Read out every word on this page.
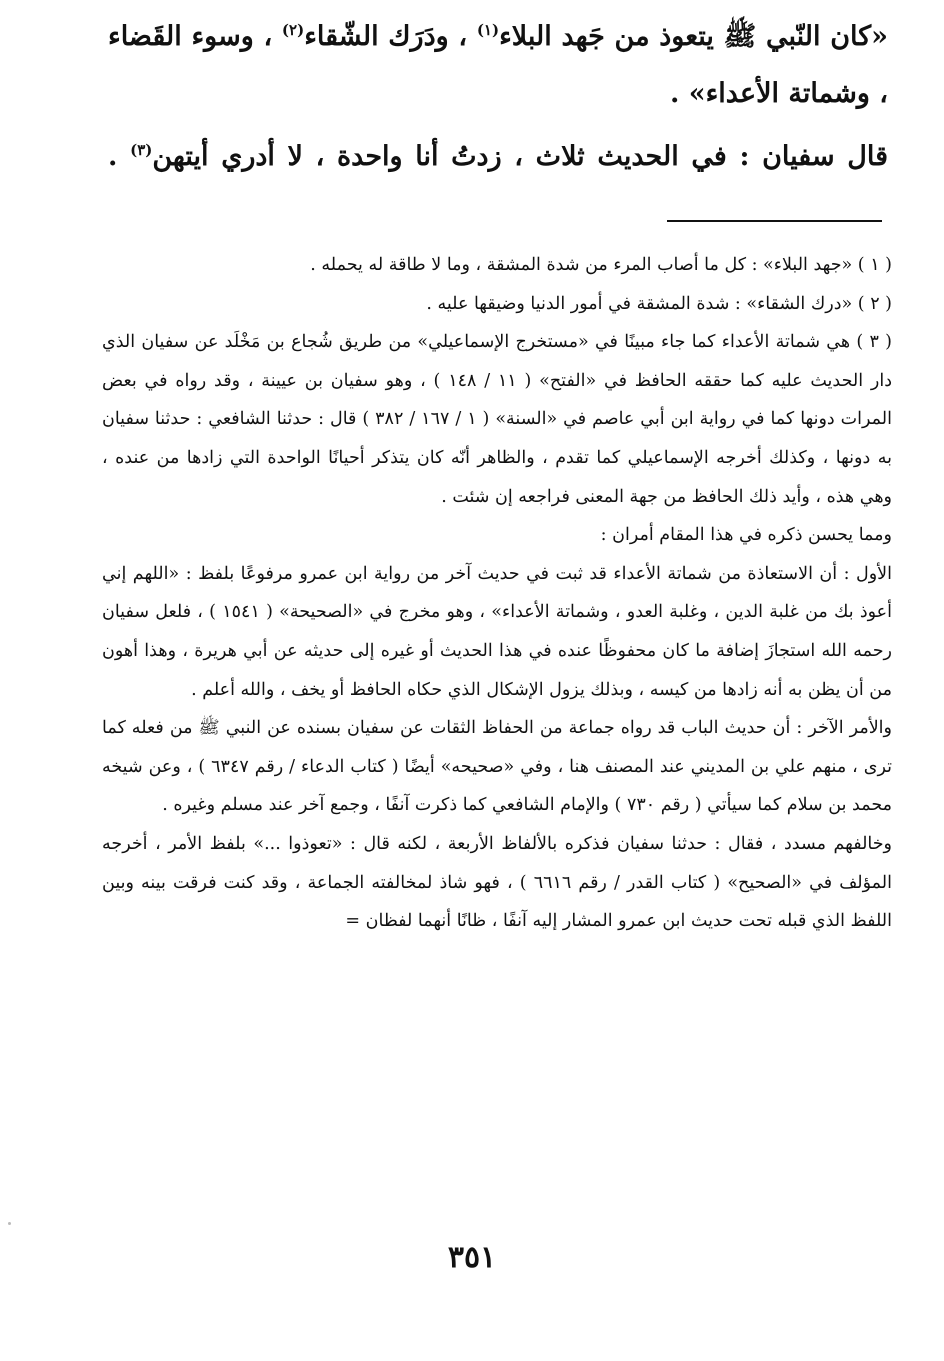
«كان النّبي ﷺ يتعوذ من جَهد البلاء$^{(١)}$ ، ودَرَك الشّقاء$^{(٢)}$ ، وسوء القَضاء ، وشماتة الأعداء» .

قال سفيان : في الحديث ثلاث ، زدتُ أنا واحدة ، لا أدري أيتهن$^{(٣)}$ .

( ١ ) «جهد البلاء» : كل ما أصاب المرء من شدة المشقة ، وما لا طاقة له يحمله .

( ٢ ) «درك الشقاء» : شدة المشقة في أمور الدنيا وضيقها عليه .

( ٣ ) هي شماتة الأعداء كما جاء مبينًا في «مستخرج الإسماعيلي» من طريق شُجاع بن مَخْلَد عن سفيان الذي دار الحديث عليه كما حققه الحافظ في «الفتح» ( ١١ / ١٤٨ ) ، وهو سفيان بن عيينة ، وقد رواه في بعض المرات دونها كما في رواية ابن أبي عاصم في «السنة» ( ١ / ١٦٧ / ٣٨٢ ) قال : حدثنا الشافعي : حدثنا سفيان به دونها ، وكذلك أخرجه الإسماعيلي كما تقدم ، والظاهر أنّه كان يتذكر أحيانًا الواحدة التي زادها من عنده ، وهي هذه ، وأيد ذلك الحافظ من جهة المعنى فراجعه إن شئت .

ومما يحسن ذكره في هذا المقام أمران :

الأول : أن الاستعاذة من شماتة الأعداء قد ثبت في حديث آخر من رواية ابن عمرو مرفوعًا بلفظ : «اللهم إني أعوذ بك من غلبة الدين ، وغلبة العدو ، وشماتة الأعداء» ، وهو مخرج في «الصحيحة» ( ١٥٤١ ) ، فلعل سفيان رحمه الله استجازَ إضافة ما كان محفوظًا عنده في هذا الحديث أو غيره إلى حديثه عن أبي هريرة ، وهذا أهون من أن يظن به أنه زادها من كيسه ، وبذلك يزول الإشكال الذي حكاه الحافظ أو يخف ، والله أعلم .

والأمر الآخر : أن حديث الباب قد رواه جماعة من الحفاظ الثقات عن سفيان بسنده عن النبي ﷺ من فعله كما ترى ، منهم علي بن المديني عند المصنف هنا ، وفي «صحيحه» أيضًا ( كتاب الدعاء / رقم ٦٣٤٧ ) ، وعن شيخه محمد بن سلام كما سيأتي ( رقم ٧٣٠ ) والإمام الشافعي كما ذكرت آنفًا ، وجمع آخر عند مسلم وغيره .

وخالفهم مسدد ، فقال : حدثنا سفيان فذكره بالألفاظ الأربعة ، لكنه قال : «تعوذوا ...» بلفظ الأمر ، أخرجه المؤلف في «الصحيح» ( كتاب القدر / رقم ٦٦١٦ ) ، فهو شاذ لمخالفته الجماعة ، وقد كنت فرقت بينه وبين اللفظ الذي قبله تحت حديث ابن عمرو المشار إليه آنفًا ، ظانًا أنهما لفظان =

٣٥١
